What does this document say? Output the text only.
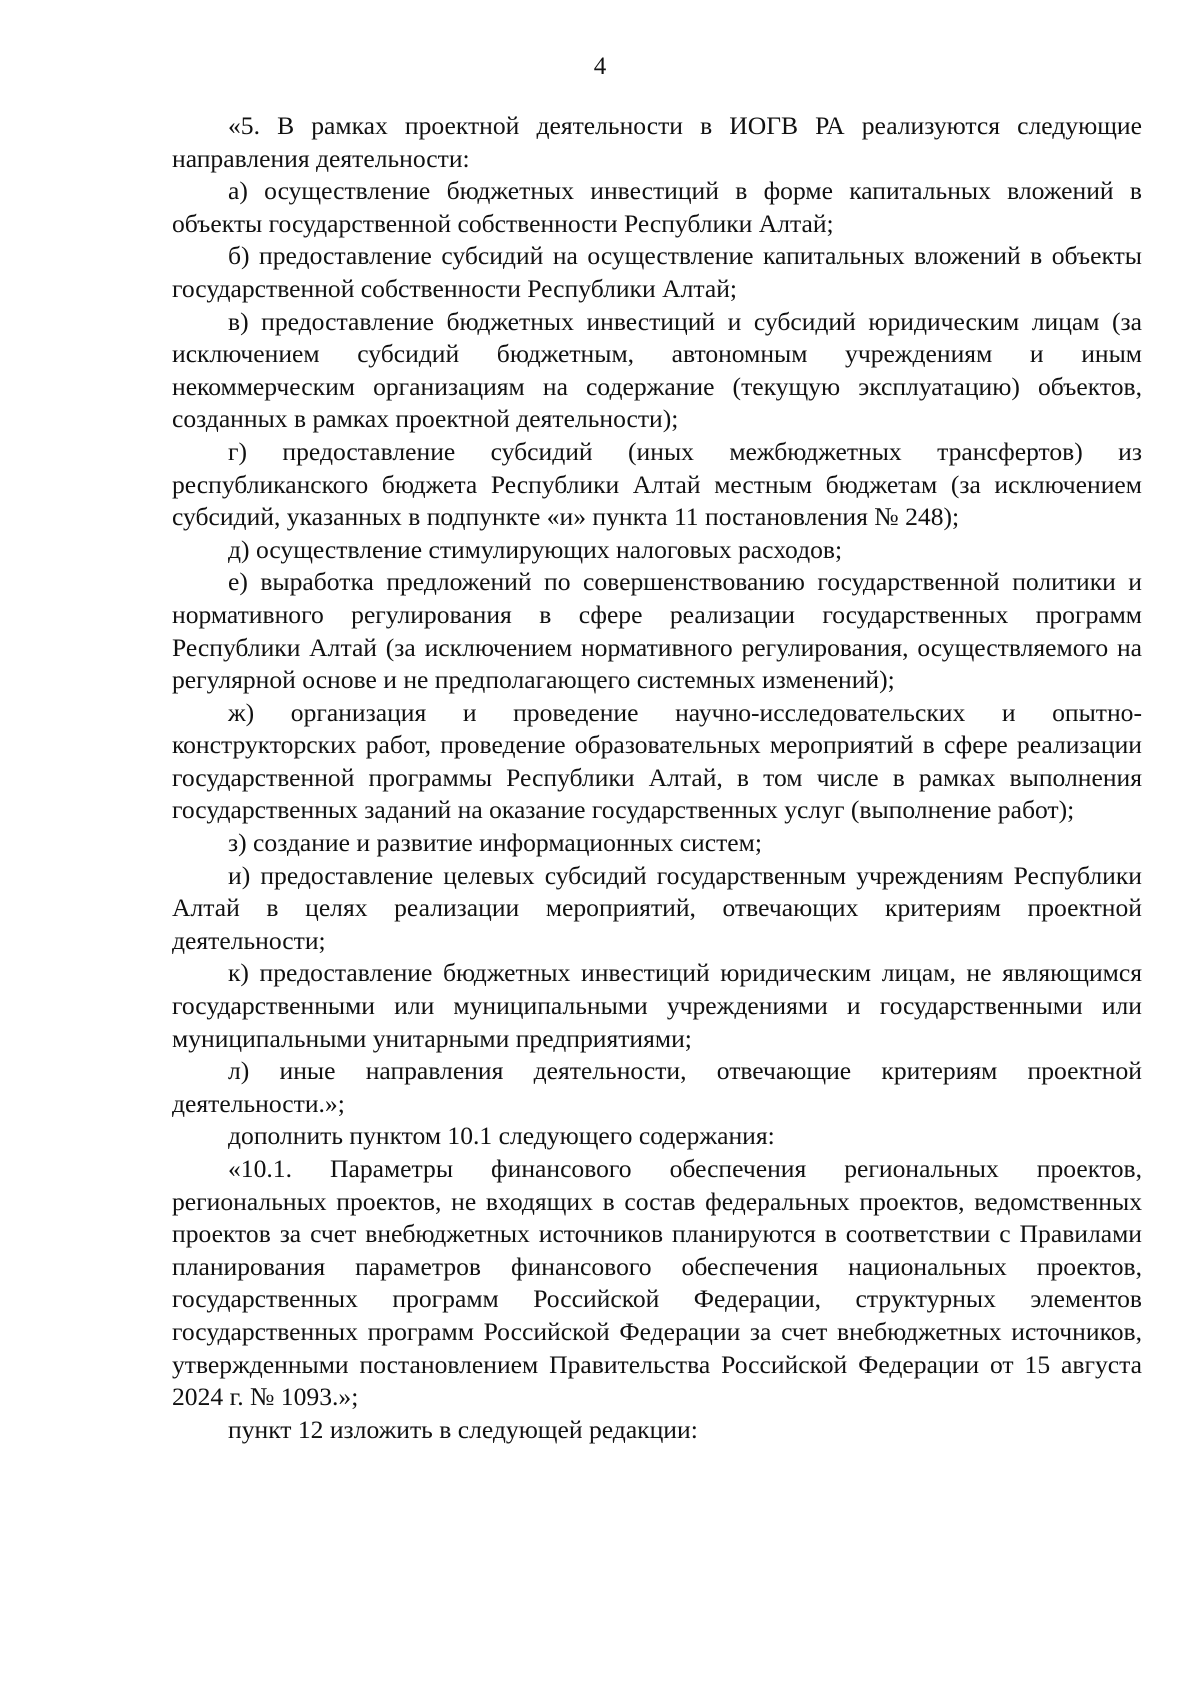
4

«5. В рамках проектной деятельности в ИОГВ РА реализуются следующие направления деятельности:

а) осуществление бюджетных инвестиций в форме капитальных вложений в объекты государственной собственности Республики Алтай;

б) предоставление субсидий на осуществление капитальных вложений в объекты государственной собственности Республики Алтай;

в) предоставление бюджетных инвестиций и субсидий юридическим лицам (за исключением субсидий бюджетным, автономным учреждениям и иным некоммерческим организациям на содержание (текущую эксплуатацию) объектов, созданных в рамках проектной деятельности);

г) предоставление субсидий (иных межбюджетных трансфертов) из республиканского бюджета Республики Алтай местным бюджетам (за исключением субсидий, указанных в подпункте «и» пункта 11 постановления № 248);

д) осуществление стимулирующих налоговых расходов;

е) выработка предложений по совершенствованию государственной политики и нормативного регулирования в сфере реализации государственных программ Республики Алтай (за исключением нормативного регулирования, осуществляемого на регулярной основе и не предполагающего системных изменений);

ж) организация и проведение научно-исследовательских и опытно-конструкторских работ, проведение образовательных мероприятий в сфере реализации государственной программы Республики Алтай, в том числе в рамках выполнения государственных заданий на оказание государственных услуг (выполнение работ);

з) создание и развитие информационных систем;

и) предоставление целевых субсидий государственным учреждениям Республики Алтай в целях реализации мероприятий, отвечающих критериям проектной деятельности;

к) предоставление бюджетных инвестиций юридическим лицам, не являющимся государственными или муниципальными учреждениями и государственными или муниципальными унитарными предприятиями;

л) иные направления деятельности, отвечающие критериям проектной деятельности.»;

дополнить пунктом 10.1 следующего содержания:

«10.1. Параметры финансового обеспечения региональных проектов, региональных проектов, не входящих в состав федеральных проектов, ведомственных проектов за счет внебюджетных источников планируются в соответствии с Правилами планирования параметров финансового обеспечения национальных проектов, государственных программ Российской Федерации, структурных элементов государственных программ Российской Федерации за счет внебюджетных источников, утвержденными постановлением Правительства Российской Федерации от 15 августа 2024 г. № 1093.»;

пункт 12 изложить в следующей редакции:
